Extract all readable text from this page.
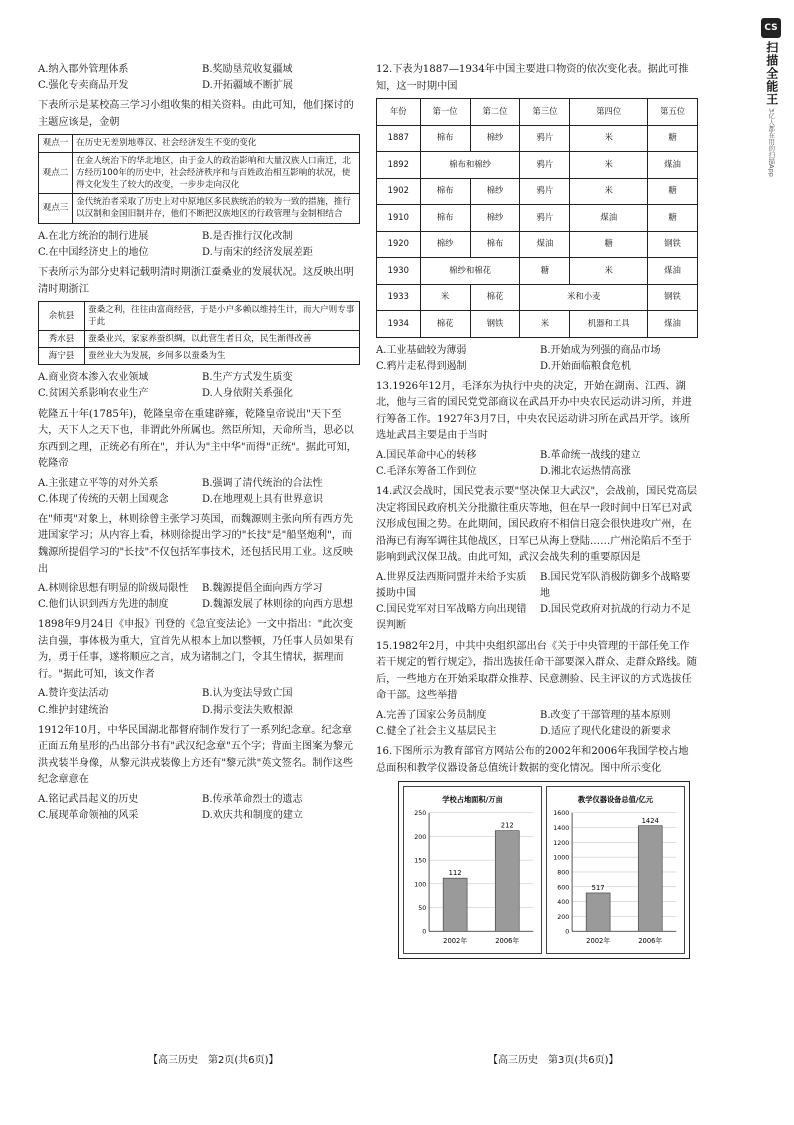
CS
扫描全能王
3亿人都在用的扫描App
A.纳入郡外管理体系	B.奖励垦荒收复疆域
C.强化专卖商品开发	D.开拓疆域不断扩展

下表所示是某校高三学习小组收集的相关资料。由此可知，他们探讨的主题应该是，金朝

观点一	在历史无差别地尊汉、社会经济发生不变的变化
观点二	在金人统治下的华北地区，由于金人的政治影响和大量汉族人口南迁，北方经历100年的历史中，社会经济秩序和与百姓政治相互影响的状况，使得文化发生了较大的改变，一步步走向汉化
观点三	金代统治者采取了历史上对中原地区多民族统治的较为一致的措施，推行以汉制和金国旧制并存，他们不断把汉族地区的行政管理与金制相结合
A.在北方统治的制行进展	B.是否推行汉化改制
C.在中国经济史上的地位	D.与南宋的经济发展差距

下表所示为部分史料记载明清时期浙江蚕桑业的发展状况。这反映出明清时期浙江

余杭县	蚕桑之利，往往由富商经营，于是小户多赖以维持生计，而大户则专事于此
秀水县	蚕桑业兴，家家养蚕织绸，以此营生者日众，民生渐得改善
海宁县	蚕丝业大为发展，乡间多以蚕桑为生
A.商业资本渗入农业领域	B.生产方式发生质变
C.贫困关系影响农业生产	D.人身依附关系强化

乾隆五十年(1785年)，乾隆皇帝在重建辟雍，乾隆皇帝说出"天下至大，天下人之天下也，非谓此外所属也。然臣所知，天命所当，思必以东西到之理，正统必有所在"，并认为"主中华"而得"正统"。据此可知，乾隆帝

A.主张建立平等的对外关系	B.强调了清代统治的合法性
C.体现了传统的天朝上国观念	D.在地理观上具有世界意识

在"师夷"对象上，林则徐曾主张学习英国，而魏源则主张向所有西方先进国家学习；从内容上看，林则徐提出学习的"长技"是"船坚炮利"，而魏源所提倡学习的"长技"不仅包括军事技术，还包括民用工业。这反映出

A.林则徐思想有明显的阶级局限性	B.魏源提倡全面向西方学习
C.他们认识到西方先进的制度	D.魏源发展了林则徐的向西方思想

1898年9月24日《申报》刊登的《急宜变法论》一文中指出："此次变法自强，事体极为重大，宜首先从根本上加以整顿，乃任事人员如果有为，勇于任事，遂将顺应之言，成为诸制之门，令其生情状，据理而行。"据此可知，该文作者

A.赞许变法活动	B.认为变法导致亡国
C.维护封建统治	D.揭示变法失败根源

1912年10月，中华民国湖北都督府制作发行了一系列纪念章。纪念章正面五角星形的凸出部分书有"武汉纪念章"五个字；背面主图案为黎元洪戎装半身像，从黎元洪戎装像上方还有"黎元洪"英文签名。制作这些纪念章意在

A.铭记武昌起义的历史	B.传承革命烈士的遗志
C.展现革命领袖的风采	D.欢庆共和制度的建立

12.下表为1887—1934年中国主要进口物资的依次变化表。据此可推知，这一时期中国

年份	第一位	第二位	第三位	第四位	第五位
1887	棉布	棉纱	鸦片	米	糖
1892	棉布和棉纱		鸦片	米	煤油
1902	棉布	棉纱	鸦片	米	糖
1910	棉布	棉纱	鸦片	煤油	糖
1920	棉纱	棉布	煤油	糖	钢铁
1930	棉纱和棉花		糖	米	煤油
1933	米	棉花	米和小麦		钢铁
1934	棉花	钢铁	米	机器和工具	煤油
A.工业基础较为薄弱	B.开始成为列强的商品市场
C.鸦片走私得到遏制	D.开始面临粮食危机

13.1926年12月，毛泽东为执行中央的决定，开始在湖南、江西、湖北，他与三省的国民党党部商议在武昌开办中央农民运动讲习所，并进行筹备工作。1927年3月7日，中央农民运动讲习所在武昌开学。该所选址武昌主要是由于当时

A.国民革命中心的转移	B.革命统一战线的建立
C.毛泽东筹备工作到位	D.湘北农运热情高涨

14.武汉会战时，国民党表示要"坚决保卫大武汉"，会战前，国民党高层决定将国民政府机关分批撤往重庆等地，但在早一段时间中日军已对武汉形成包围之势。在此期间，国民政府不相信日寇会很快进攻广州，在沿海已有海军调往其他战区，日军已从海上登陆……广州沦陷后不至于影响到武汉保卫战。由此可知，武汉会战失利的重要原因是

A.世界反法西斯同盟并未给予实质援助中国
B.国民党军队消极防御多个战略要地
C.国民党军对日军战略方向出现错误判断
D.国民党政府对抗战的行动力不足

15.1982年2月，中共中央组织部出台《关于中央管理的干部任免工作若干规定的暂行规定》，指出选拔任命干部要深入群众、走群众路线。随后，一些地方在开始采取群众推荐、民意测验、民主评议的方式选拔任命干部。这些举措

A.完善了国家公务员制度	B.改变了干部管理的基本原则
C.健全了社会主义基层民主	D.适应了现代化建设的新要求

16.下图所示为教育部官方网站公布的2002年和2006年我国学校占地总面积和教学仪器设备总值统计数据的变化情况。图中所示变化

学校占地面积/万亩
0
50
100
150
200
250
112
2002年
212
2006年
教学仪器设备总值/亿元
0
200
400
600
800
1000
1200
1400
1600
517
2002年
1424
2006年
【高三历史　第2页(共6页)】	【高三历史　第3页(共6页)】
